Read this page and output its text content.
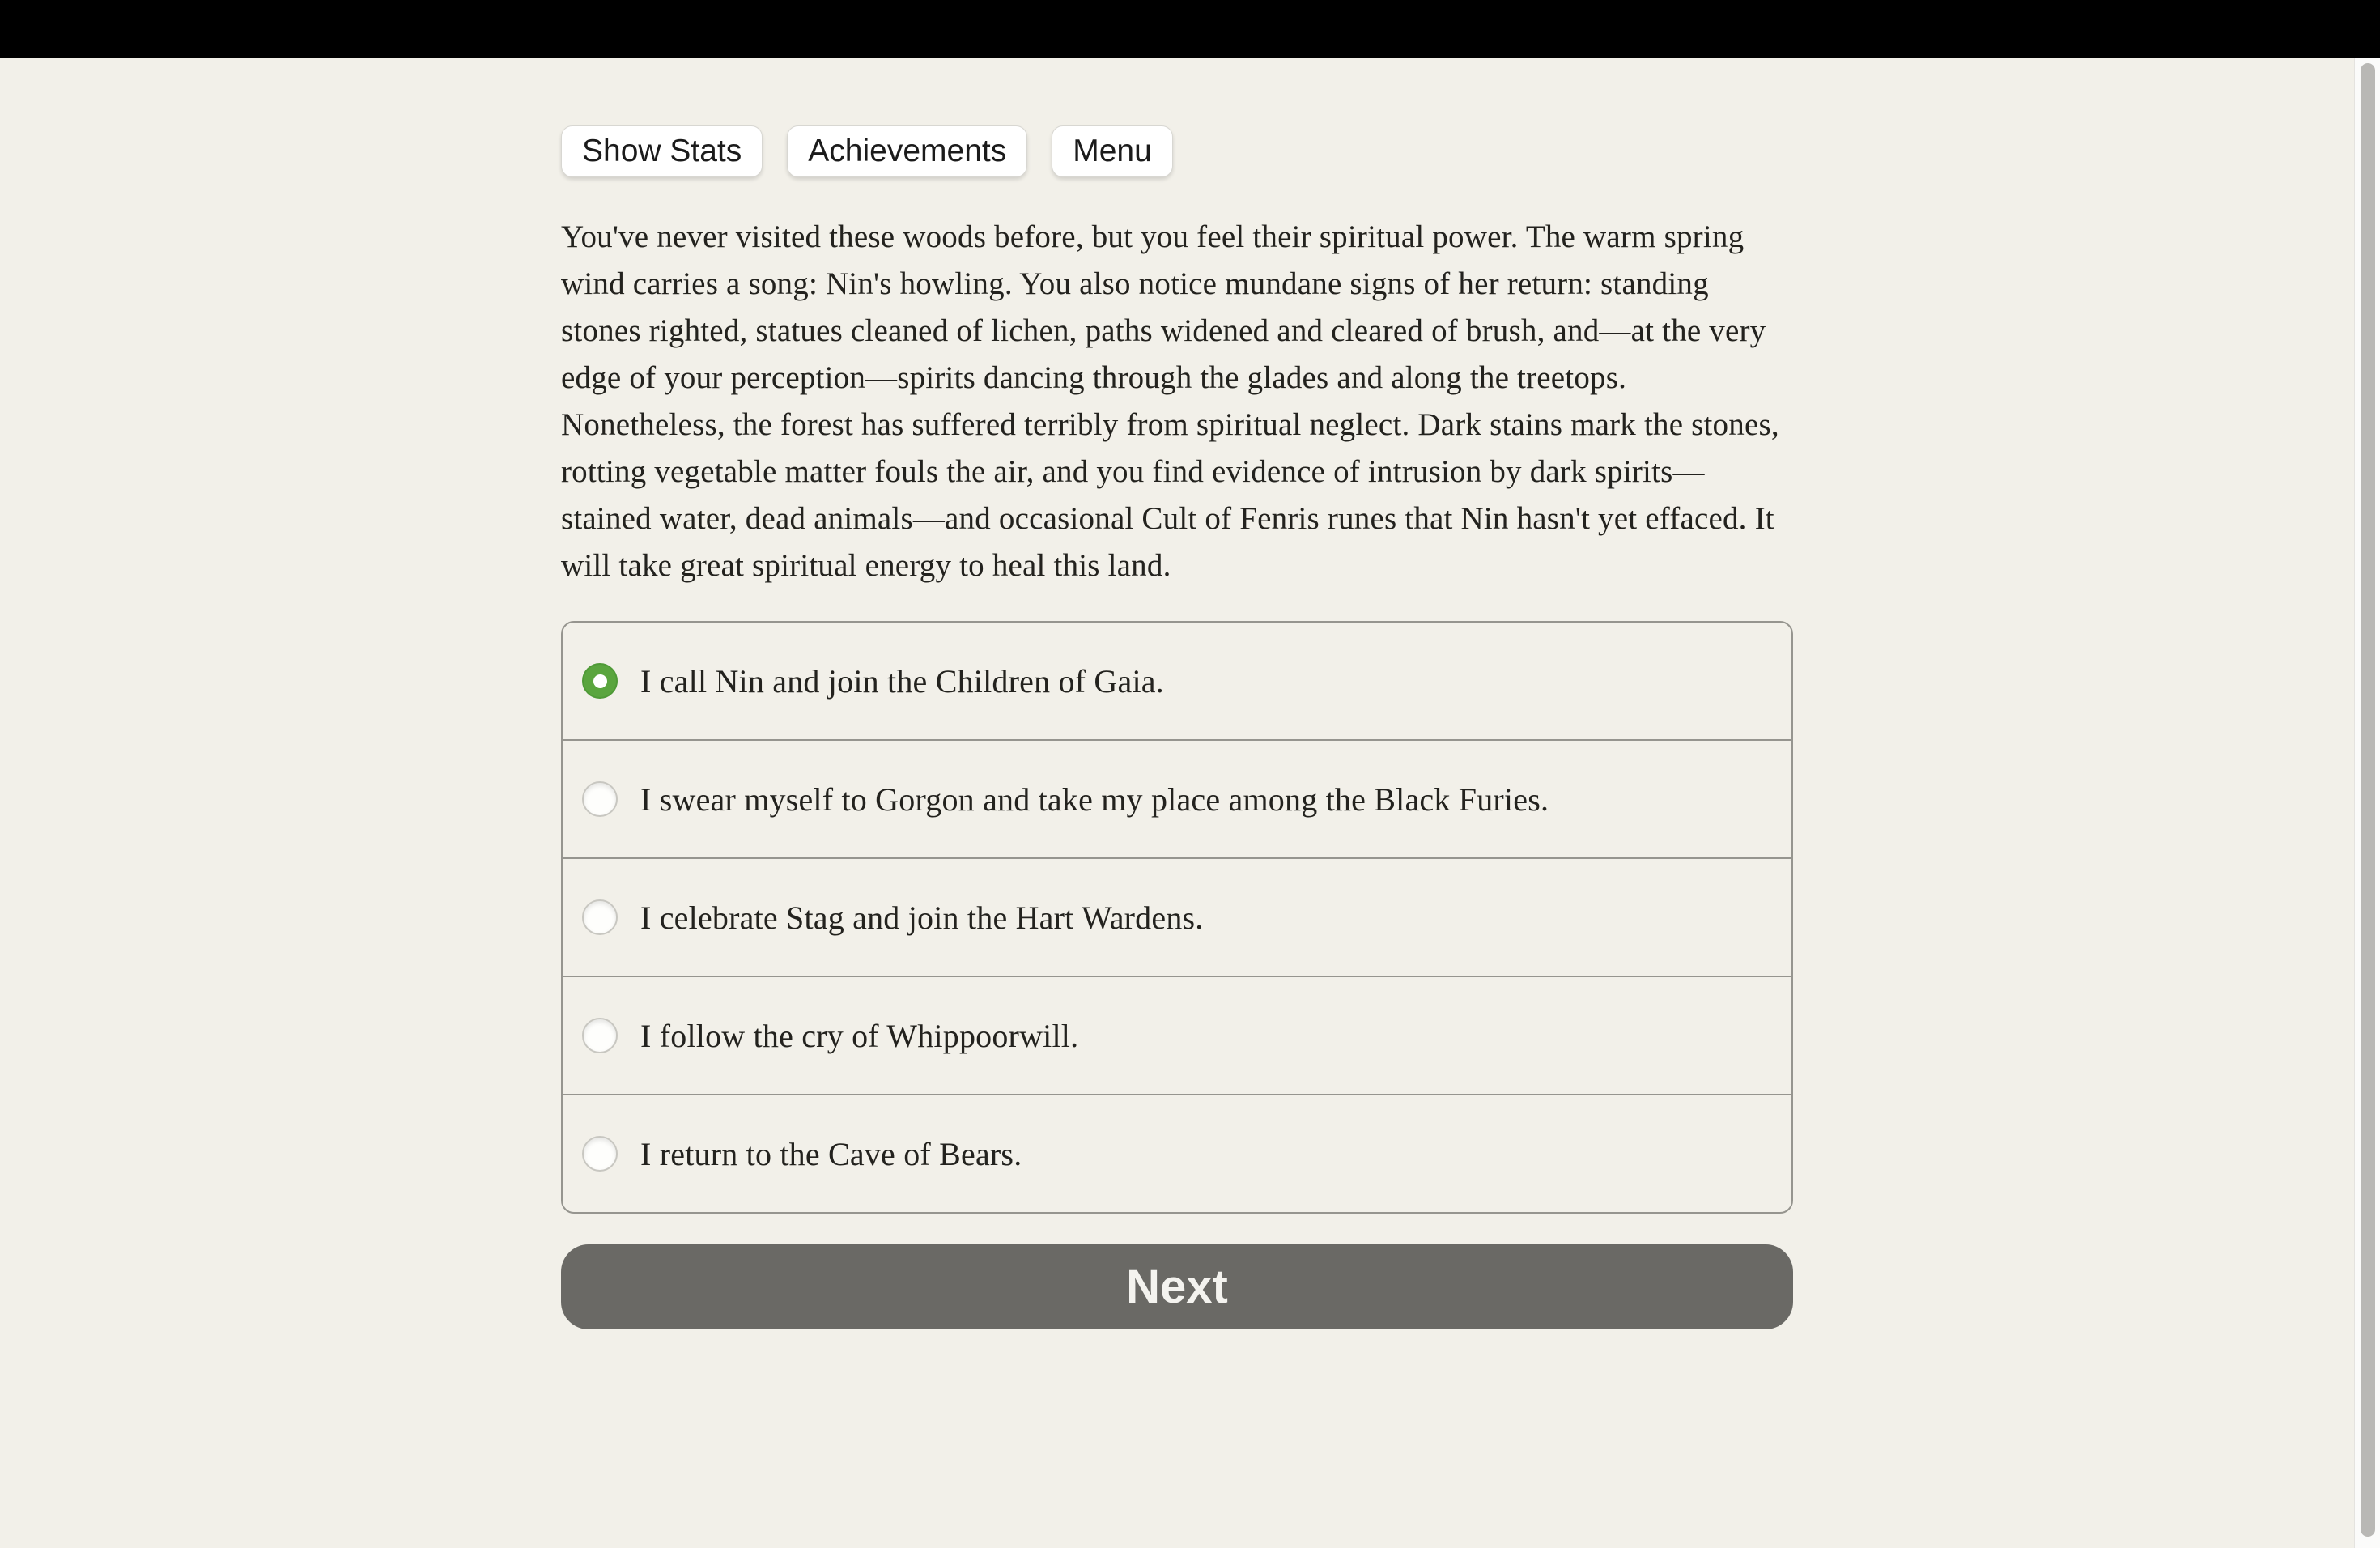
Show Stats	Achievements	Menu

You've never visited these woods before, but you feel their spiritual power. The warm spring wind carries a song: Nin's howling. You also notice mundane signs of her return: standing stones righted, statues cleaned of lichen, paths widened and cleared of brush, and—at the very edge of your perception—spirits dancing through the glades and along the treetops. Nonetheless, the forest has suffered terribly from spiritual neglect. Dark stains mark the stones, rotting vegetable matter fouls the air, and you find evidence of intrusion by dark spirits—stained water, dead animals—and occasional Cult of Fenris runes that Nin hasn't yet effaced. It will take great spiritual energy to heal this land.

I call Nin and join the Children of Gaia.
I swear myself to Gorgon and take my place among the Black Furies.
I celebrate Stag and join the Hart Wardens.
I follow the cry of Whippoorwill.
I return to the Cave of Bears.
Next
